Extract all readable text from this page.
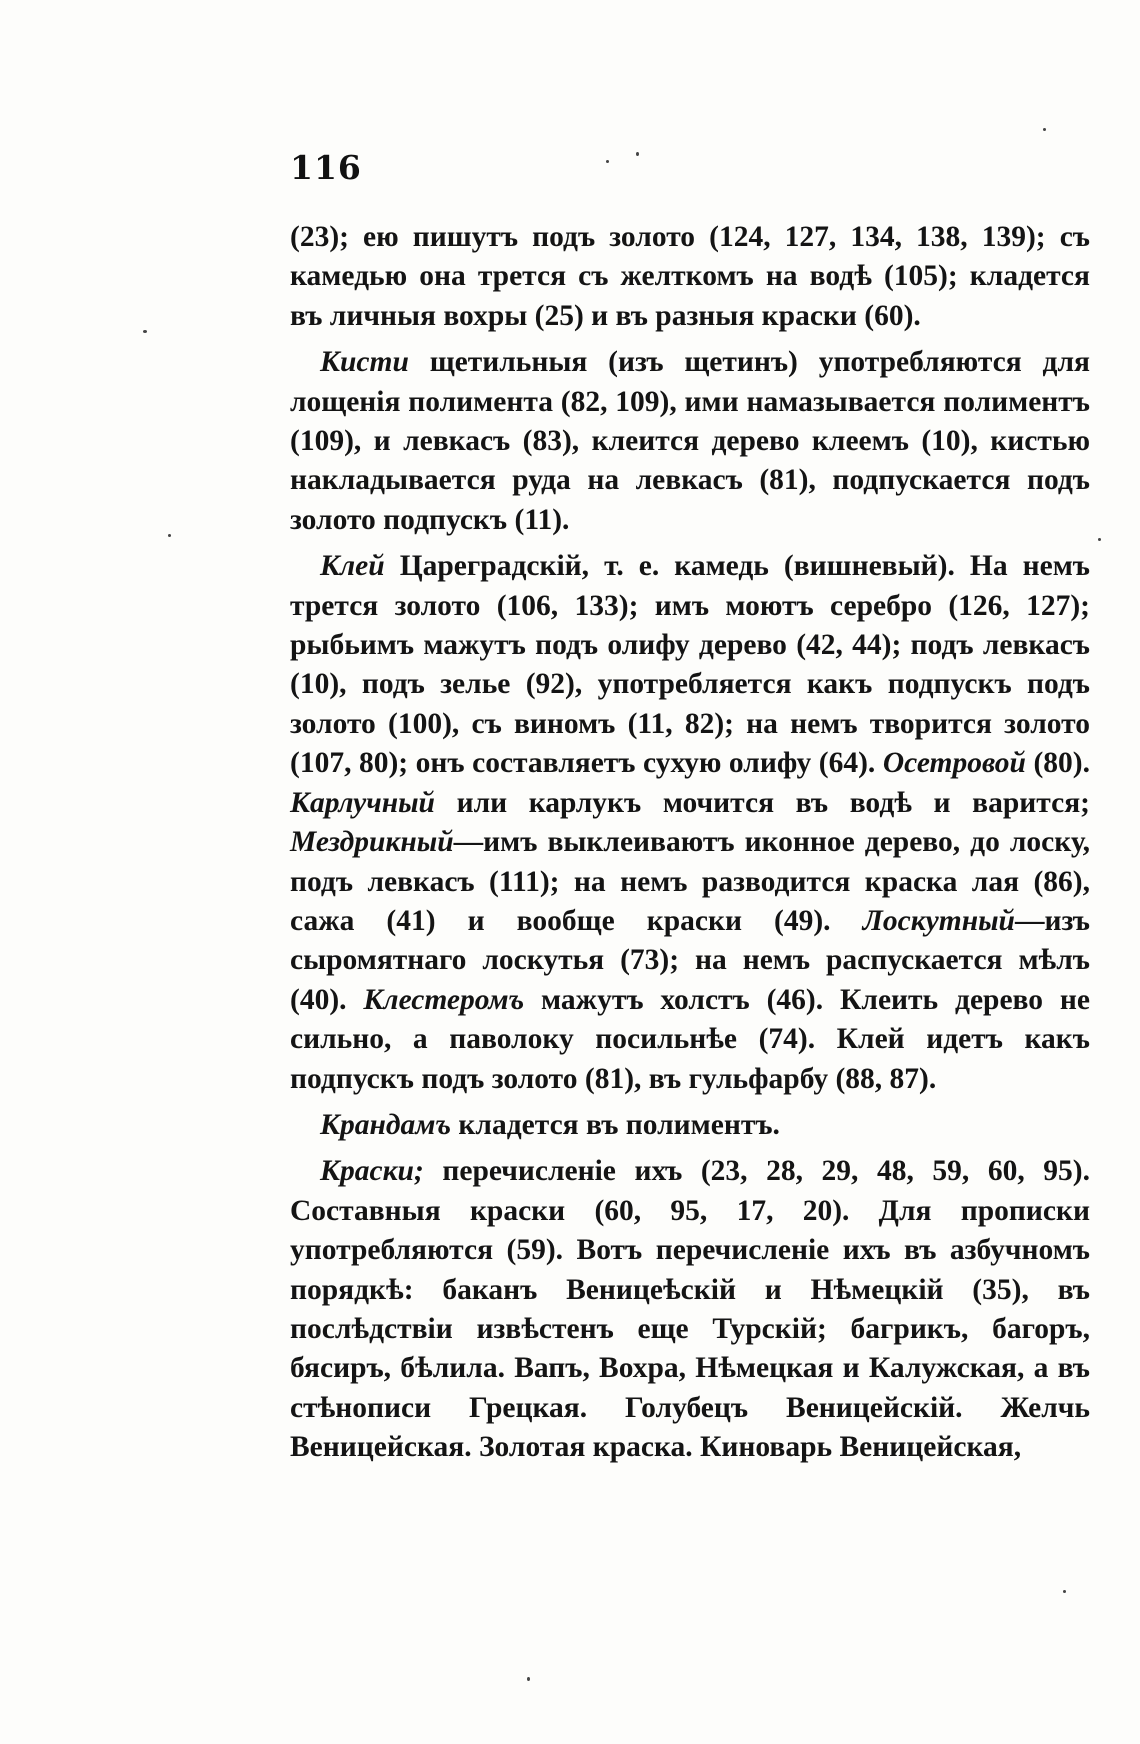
116

(23); ею пишутъ подъ золото (124, 127, 134, 138, 139); съ камедью она трется съ желткомъ на водѣ (105); кладется въ личныя вохры (25) и въ разныя краски (60).

Кисти щетильныя (изъ щетинъ) употребляются для лощенія полимента (82, 109), ими намазывается полиментъ (109), и левкасъ (83), клеится дерево клеемъ (10), кистью накладывается руда на левкасъ (81), подпускается подъ золото подпускъ (11).

Клей Цареградскій, т. е. камедь (вишневый). На немъ трется золото (106, 133); имъ моютъ серебро (126, 127); рыбьимъ мажутъ подъ олифу дерево (42, 44); подъ левкасъ (10), подъ зелье (92), употребляется какъ подпускъ подъ золото (100), съ виномъ (11, 82); на немъ творится золото (107, 80); онъ составляетъ сухую олифу (64). Осетровой (80). Карлучный или карлукъ мочится въ водѣ и варится; Мездрикный—имъ выклеиваютъ иконное дерево, до лоску, подъ левкасъ (111); на немъ разводится краска лая (86), сажа (41) и вообще краски (49). Лоскутный—изъ сыромятнаго лоскутья (73); на немъ распускается мѣлъ (40). Клестеромъ мажутъ холстъ (46). Клеить дерево не сильно, а паволоку посильнѣе (74). Клей идетъ какъ подпускъ подъ золото (81), въ гульфарбу (88, 87).

Крандамъ кладется въ полиментъ.

Краски; перечисленіе ихъ (23, 28, 29, 48, 59, 60, 95). Составныя краски (60, 95, 17, 20). Для прописки употребляются (59). Вотъ перечисленіе ихъ въ азбучномъ порядкѣ: баканъ Веницеѣскій и Нѣмецкій (35), въ послѣдствіи извѣстенъ еще Турскій; багрикъ, багоръ, бясиръ, бѣлила. Вапъ, Вохра, Нѣмецкая и Калужская, а въ стѣнописи Грецкая. Голубецъ Веницейскій. Желчь Веницейская. Золотая краска. Киноварь Веницейская,
